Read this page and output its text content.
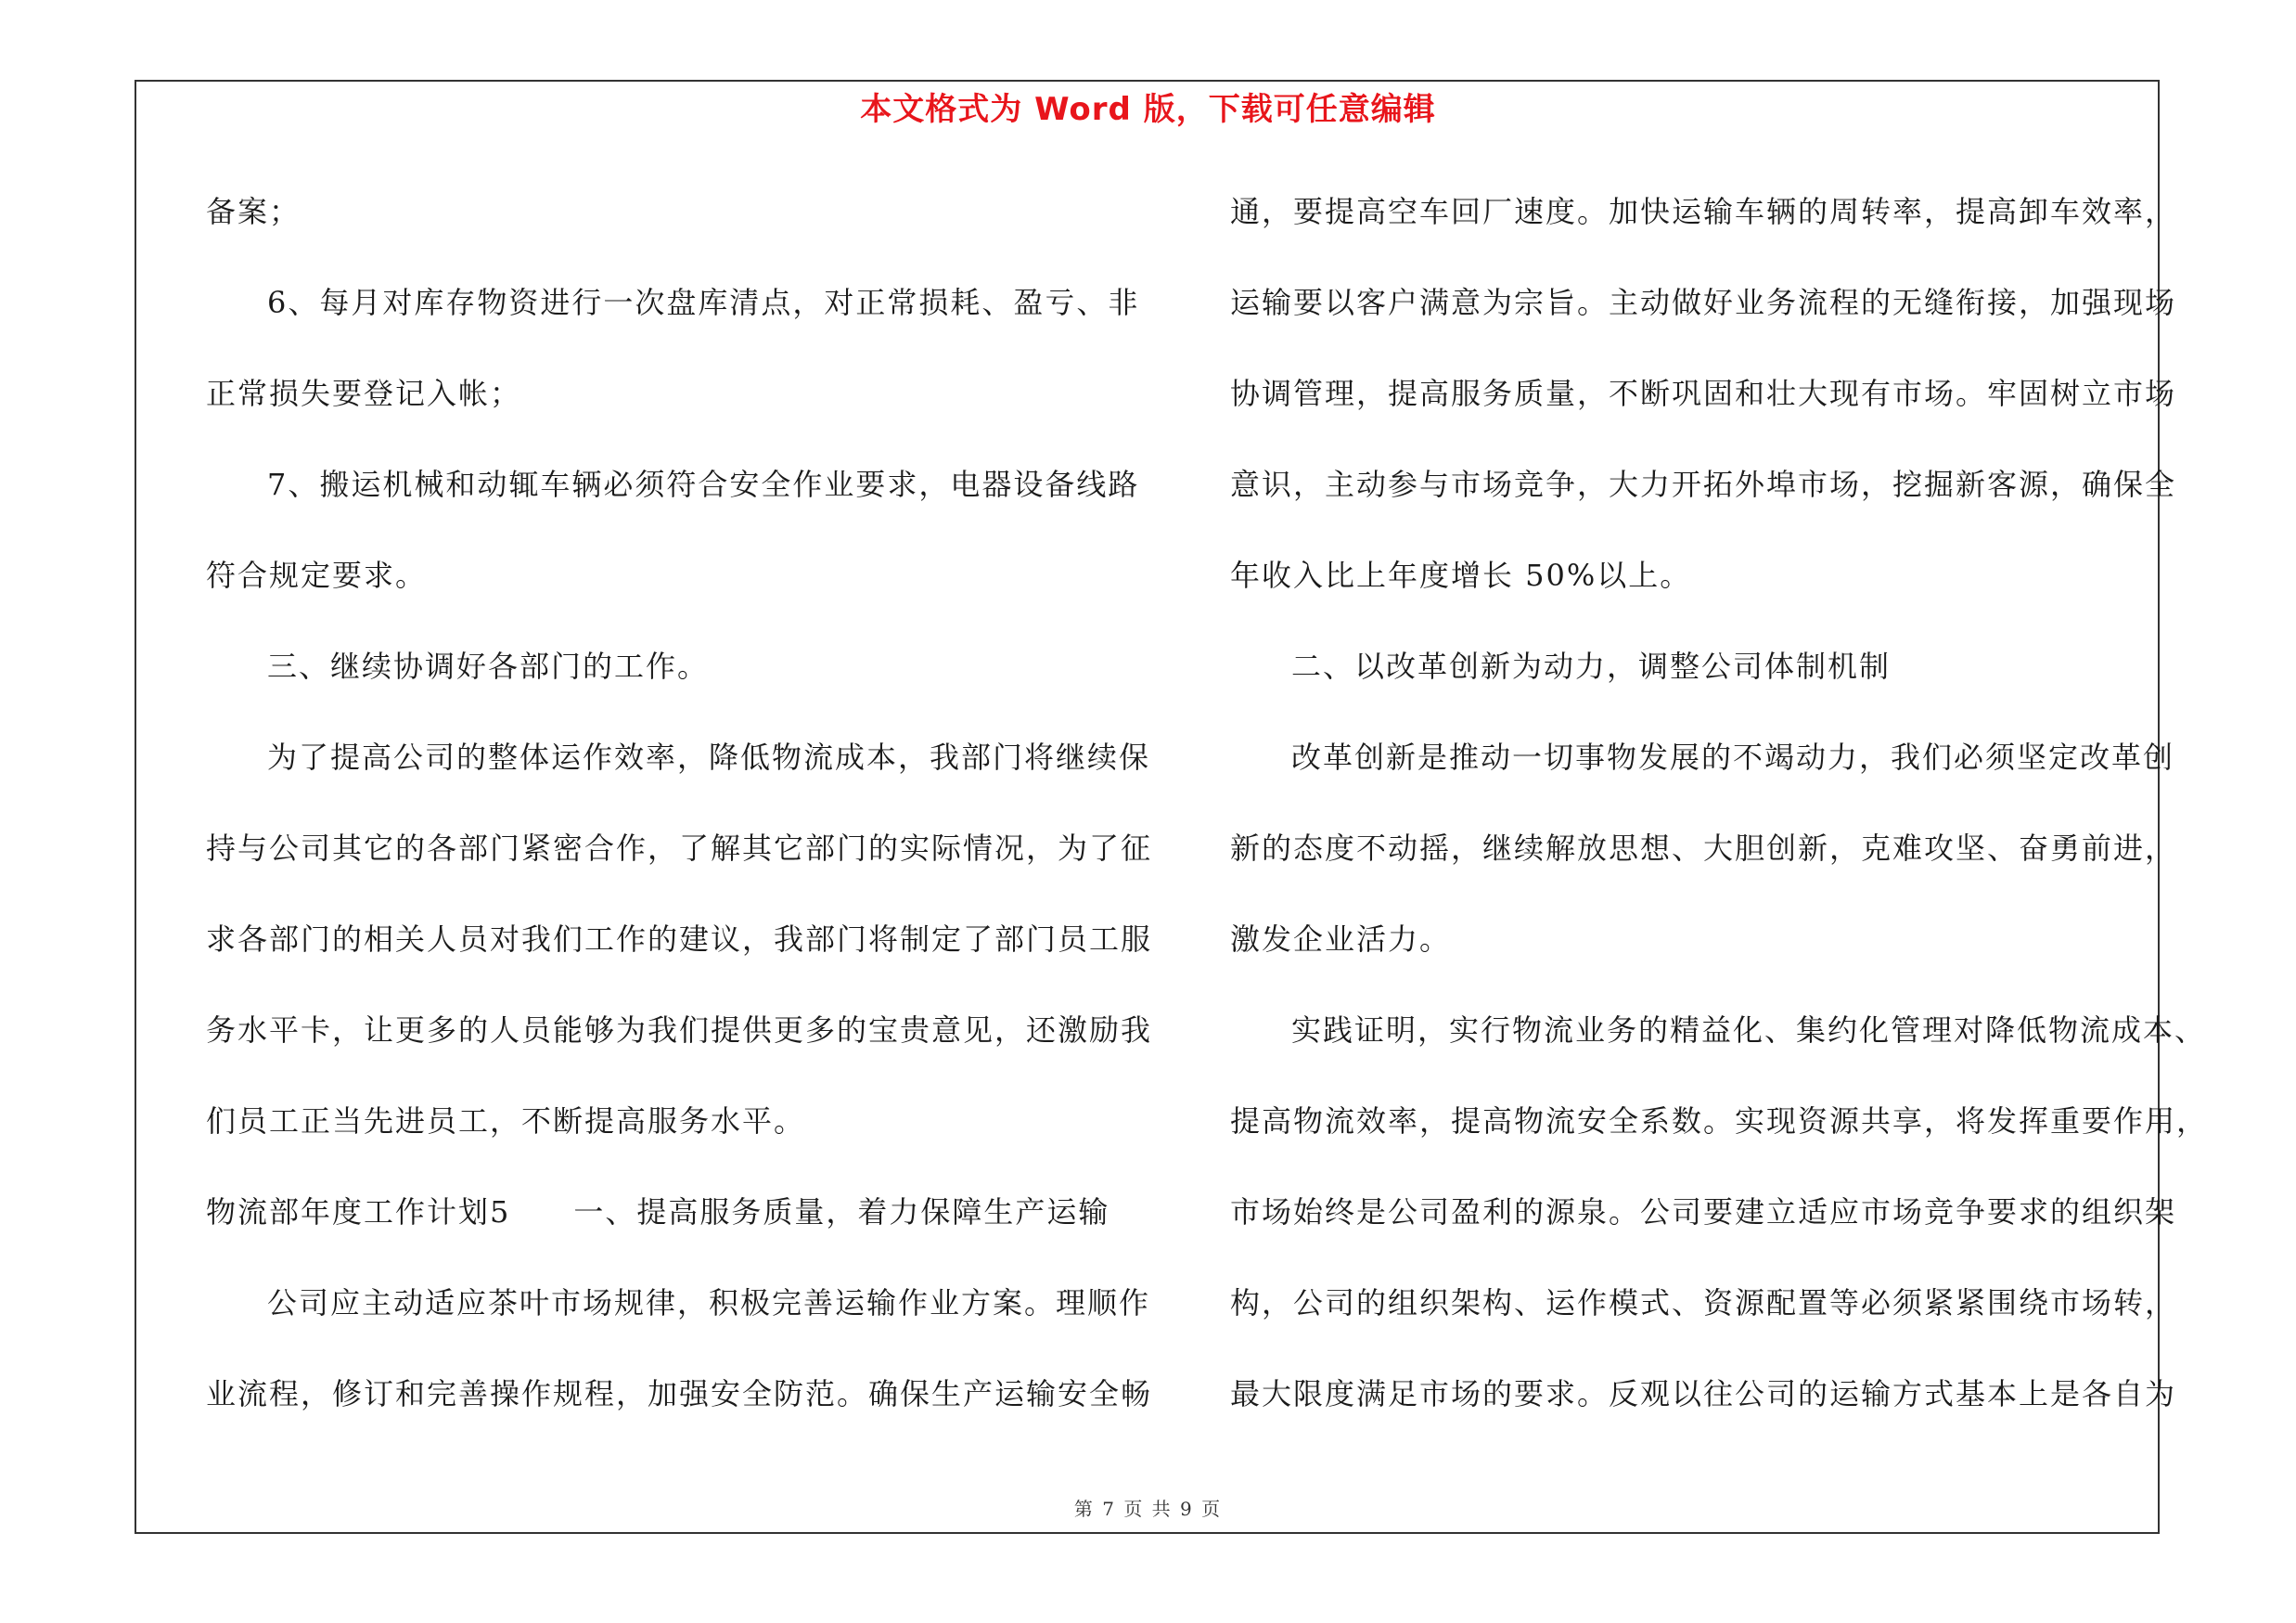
本文格式为 Word 版，下载可任意编辑
备案；
6、每月对库存物资进行一次盘库清点，对正常损耗、盈亏、非
正常损失要登记入帐；
7、搬运机械和动辄车辆必须符合安全作业要求，电器设备线路
符合规定要求。
三、继续协调好各部门的工作。
为了提高公司的整体运作效率，降低物流成本，我部门将继续保
持与公司其它的各部门紧密合作，了解其它部门的实际情况，为了征
求各部门的相关人员对我们工作的建议，我部门将制定了部门员工服
务水平卡，让更多的人员能够为我们提供更多的宝贵意见，还激励我
们员工正当先进员工，不断提高服务水平。
物流部年度工作计划5　　一、提高服务质量，着力保障生产运输
公司应主动适应茶叶市场规律，积极完善运输作业方案。理顺作
业流程，修订和完善操作规程，加强安全防范。确保生产运输安全畅
通，要提高空车回厂速度。加快运输车辆的周转率，提高卸车效率，
运输要以客户满意为宗旨。主动做好业务流程的无缝衔接，加强现场
协调管理，提高服务质量，不断巩固和壮大现有市场。牢固树立市场
意识，主动参与市场竞争，大力开拓外埠市场，挖掘新客源，确保全
年收入比上年度增长 50%以上。
二、以改革创新为动力，调整公司体制机制
改革创新是推动一切事物发展的不竭动力，我们必须坚定改革创
新的态度不动摇，继续解放思想、大胆创新，克难攻坚、奋勇前进，
激发企业活力。
实践证明，实行物流业务的精益化、集约化管理对降低物流成本、
提高物流效率，提高物流安全系数。实现资源共享，将发挥重要作用，
市场始终是公司盈利的源泉。公司要建立适应市场竞争要求的组织架
构，公司的组织架构、运作模式、资源配置等必须紧紧围绕市场转，
最大限度满足市场的要求。反观以往公司的运输方式基本上是各自为
第 7 页 共 9 页
